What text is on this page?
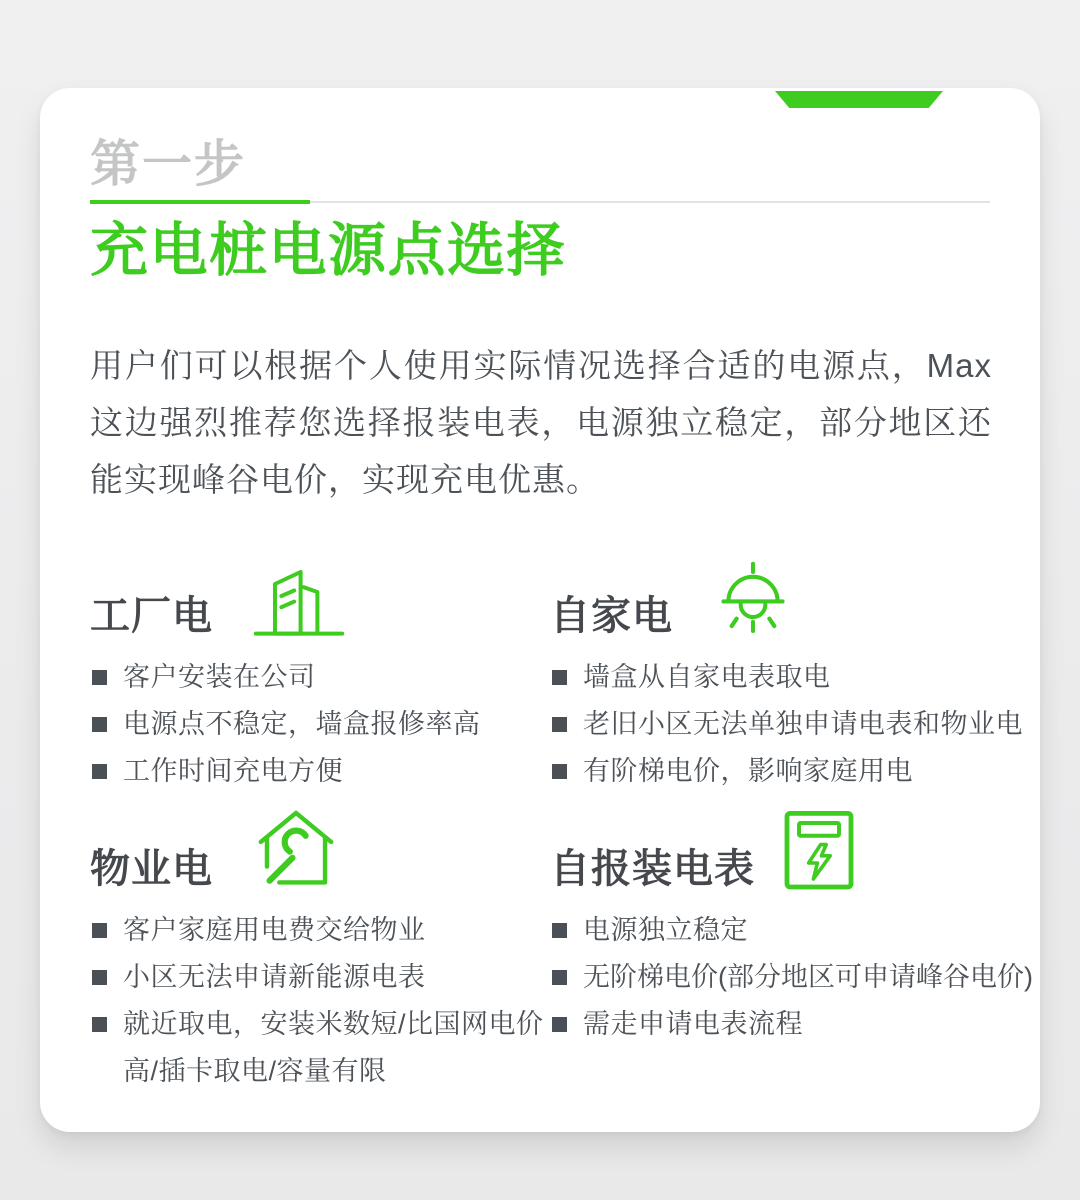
第一步
充电桩电源点选择

用户们可以根据个人使用实际情况选择合适的电源点，Max这边强烈推荐您选择报装电表，电源独立稳定，部分地区还能实现峰谷电价，实现充电优惠。

工厂电
客户安装在公司
电源点不稳定，墙盒报修率高
工作时间充电方便
自家电
墙盒从自家电表取电
老旧小区无法单独申请电表和物业电
有阶梯电价，影响家庭用电
物业电
客户家庭用电费交给物业
小区无法申请新能源电表
就近取电，安装米数短/比国网电价高/插卡取电/容量有限
自报装电表
电源独立稳定
无阶梯电价(部分地区可申请峰谷电价)
需走申请电表流程
